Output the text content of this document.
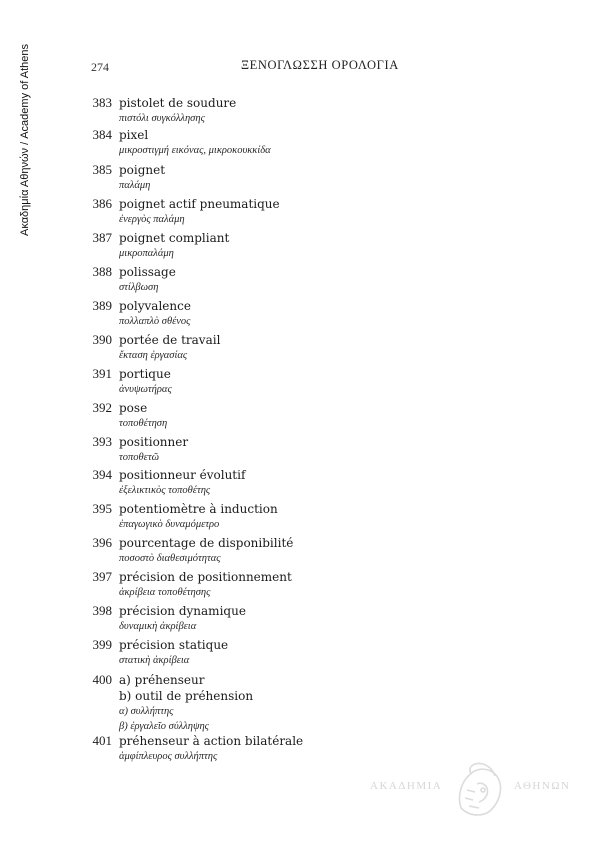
Ακαδημία Αθηνών / Academy of Athens	274	ΞΕΝΟΓΛΩΣΣΗ ΟΡΟΛΟΓΙΑ
383 pistolet de soudure
πιστόλι συγκόλλησης
384 pixel
μικροστιγμή εικόνας, μικροκουκκίδα
385 poignet
παλάμη
386 poignet actif pneumatique
ἐνεργὸς παλάμη
387 poignet compliant
μικροπαλάμη
388 polissage
στίλβωση
389 polyvalence
πολλαπλὸ σθένος
390 portée de travail
ἔκταση ἐργασίας
391 portique
ἀνυψωτήρας
392 pose
τοποθέτηση
393 positionner
τοποθετῶ
394 positionneur évolutif
ἐξελικτικὸς τοποθέτης
395 potentiomètre à induction
ἐπαγωγικὸ δυναμόμετρο
396 pourcentage de disponibilité
ποσοστὸ διαθεσιμότητας
397 précision de positionnement
ἀκρίβεια τοποθέτησης
398 précision dynamique
δυναμικὴ ἀκρίβεια
399 précision statique
στατικὴ ἀκρίβεια
400 a) préhenseur
b) outil de préhension
α) συλλήπτης
β) ἐργαλεῖο σύλληψης
401 préhenseur à action bilatérale
ἀμφίπλευρος συλλήπτης
ΑΚΑΔΗΜΙΑ	ΑΘΗΝΩΝ
